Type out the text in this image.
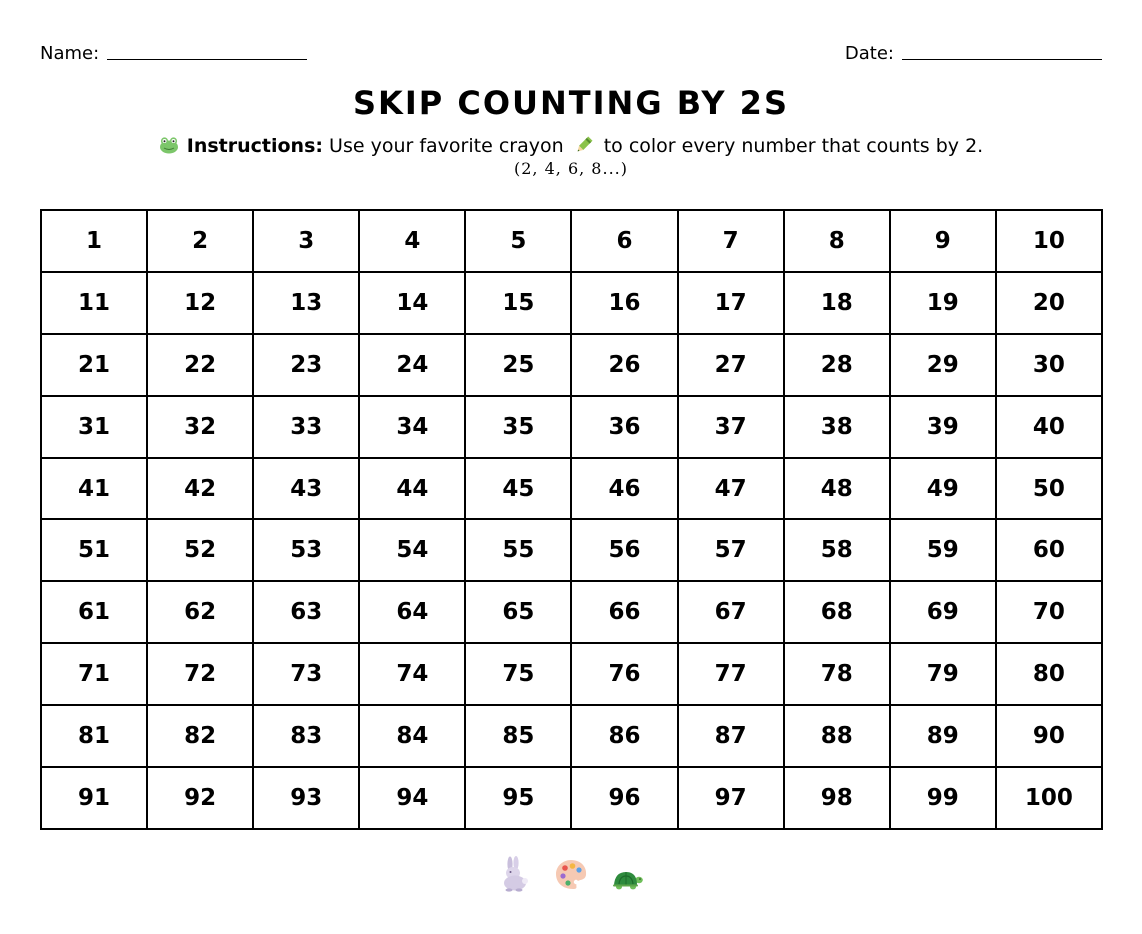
Name:	Date:
SKIP COUNTING BY 2S
Instructions: Use your favorite crayon to color every number that counts by 2.
(2, 4, 6, 8...)
1	2	3	4	5	6	7	8	9	10
11	12	13	14	15	16	17	18	19	20
21	22	23	24	25	26	27	28	29	30
31	32	33	34	35	36	37	38	39	40
41	42	43	44	45	46	47	48	49	50
51	52	53	54	55	56	57	58	59	60
61	62	63	64	65	66	67	68	69	70
71	72	73	74	75	76	77	78	79	80
81	82	83	84	85	86	87	88	89	90
91	92	93	94	95	96	97	98	99	100
